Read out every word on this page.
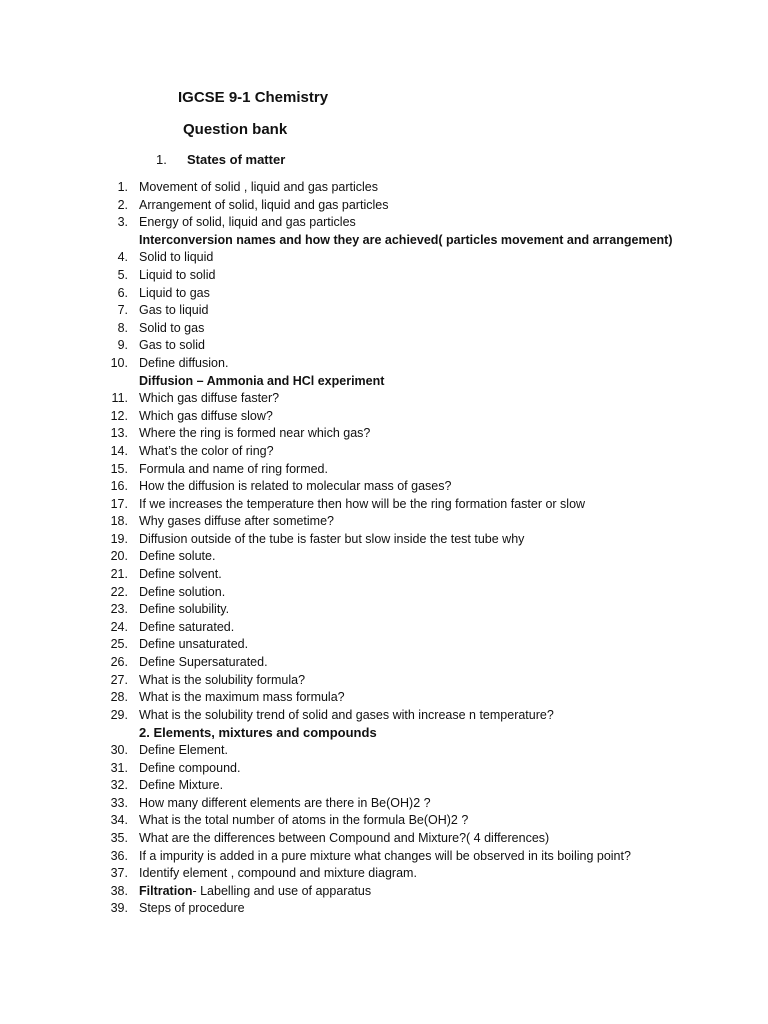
IGCSE 9-1 Chemistry
Question bank
1. States of matter
1. Movement of solid , liquid and gas particles
2. Arrangement of solid, liquid and gas particles
3. Energy of solid, liquid and gas particles
Interconversion names and how they are achieved( particles movement and arrangement)
4. Solid to liquid
5. Liquid to solid
6. Liquid to gas
7. Gas to liquid
8. Solid to gas
9. Gas to solid
10. Define diffusion.
Diffusion – Ammonia and HCl experiment
11. Which gas diffuse faster?
12. Which gas diffuse slow?
13. Where the ring is formed near which gas?
14. What’s the color of ring?
15. Formula and name of ring formed.
16. How the diffusion is related to molecular mass of gases?
17. If we increases the temperature then how will be the ring formation faster or slow
18. Why gases diffuse after sometime?
19. Diffusion outside of the tube is faster but slow inside the test tube why
20. Define solute.
21. Define solvent.
22. Define solution.
23. Define solubility.
24. Define saturated.
25. Define unsaturated.
26. Define Supersaturated.
27. What is the solubility formula?
28. What is the maximum mass formula?
29. What is the solubility trend of solid and gases with increase n temperature?
2. Elements, mixtures and compounds
30. Define Element.
31. Define compound.
32. Define Mixture.
33. How many different elements are there in Be(OH)2 ?
34. What is the total number of atoms in the formula Be(OH)2 ?
35. What are the differences between Compound and Mixture?( 4 differences)
36. If a impurity is added in a pure mixture what changes will be observed in its boiling point?
37. Identify element , compound and mixture diagram.
38. Filtration- Labelling and use of apparatus
39. Steps of procedure
